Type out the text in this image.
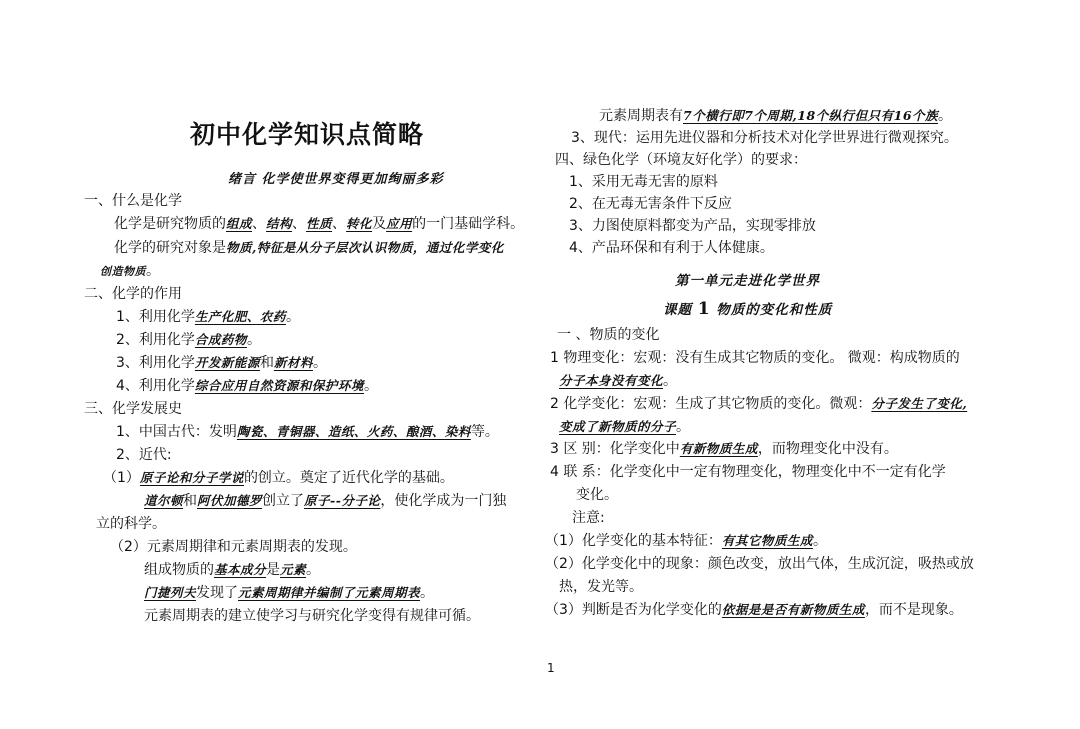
初中化学知识点简略
绪言 化学使世界变得更加绚丽多彩
一、什么是化学
化学是研究物质的组成、结构、性质、转化及应用的一门基础学科。
化学的研究对象是物质,特征是从分子层次认识物质，通过化学变化
创造物质。
二、化学的作用
1、利用化学生产化肥、农药。
2、利用化学合成药物。
3、利用化学开发新能源和新材料。
4、利用化学综合应用自然资源和保护环境。
三、化学发展史
1、中国古代：发明陶瓷、青铜器、造纸、火药、酿酒、染料等。
2、近代:
（1）原子论和分子学说的创立。奠定了近代化学的基础。
道尔顿和阿伏加德罗创立了原子--分子论，使化学成为一门独
立的科学。
（2）元素周期律和元素周期表的发现。
组成物质的基本成分是元素。
门捷列夫发现了元素周期律并编制了元素周期表。
元素周期表的建立使学习与研究化学变得有规律可循。
元素周期表有7个横行即7个周期,18个纵行但只有16个族。
3、现代：运用先进仪器和分析技术对化学世界进行微观探究。
四、绿色化学（环境友好化学）的要求：
1、采用无毒无害的原料
2、在无毒无害条件下反应
3、力图使原料都变为产品，实现零排放
4、产品环保和有利于人体健康。
第一单元走进化学世界
课题 1 物质的变化和性质
一 、物质的变化
1 物理变化：宏观：没有生成其它物质的变化。 微观：构成物质的
分子本身没有变化。
2 化学变化：宏观：生成了其它物质的变化。微观：分子发生了变化,
变成了新物质的分子。
3 区 别：化学变化中有新物质生成，而物理变化中没有。
4 联 系：化学变化中一定有物理变化，物理变化中不一定有化学
变化。
注意:
（1）化学变化的基本特征：有其它物质生成。
（2）化学变化中的现象：颜色改变，放出气体，生成沉淀，吸热或放
热，发光等。
（3）判断是否为化学变化的依据是是否有新物质生成，而不是现象。
1
